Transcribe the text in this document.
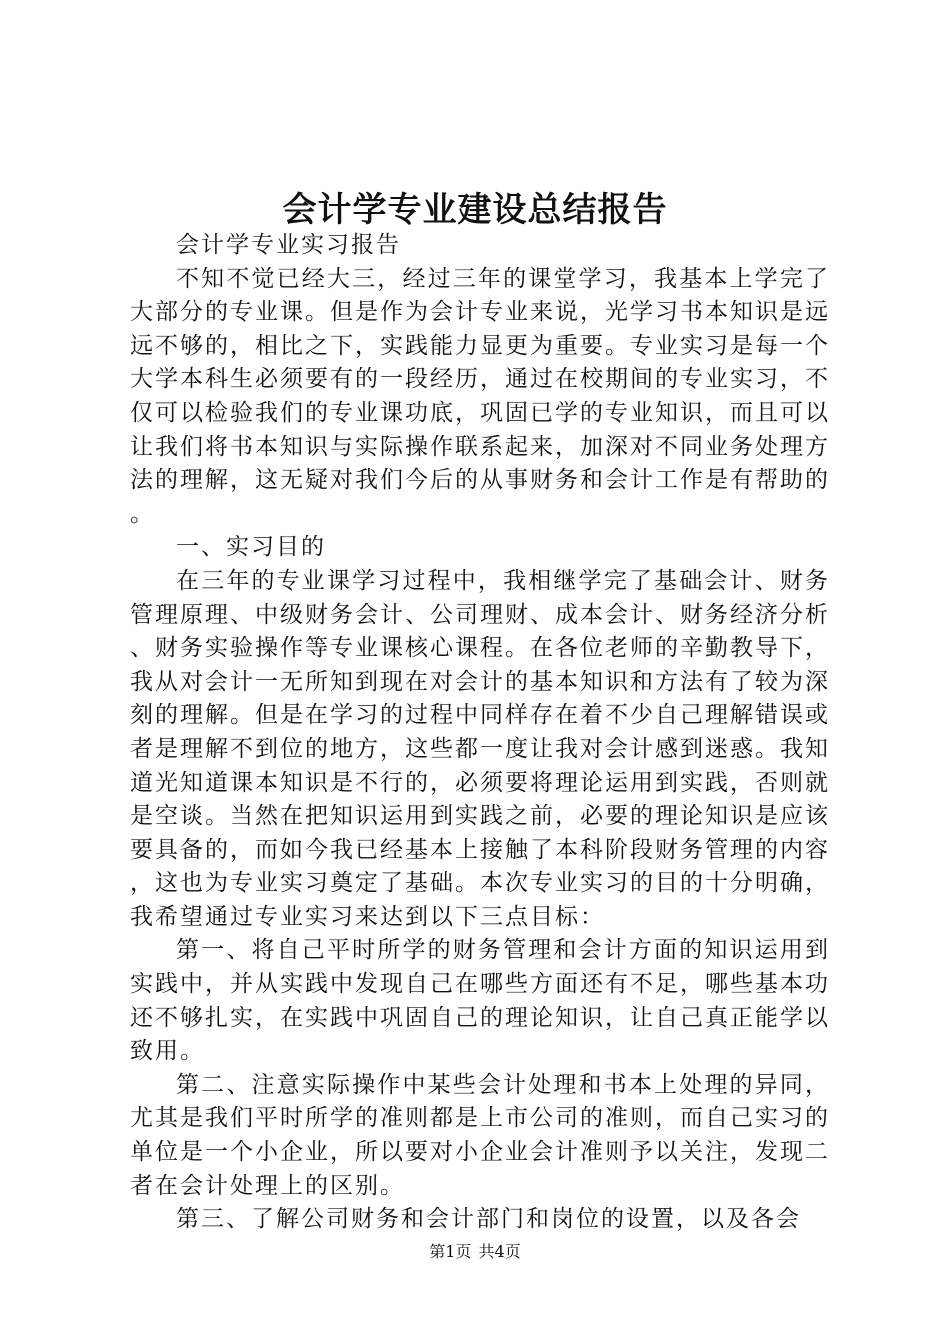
会计学专业建设总结报告

会计学专业实习报告

不知不觉已经大三，经过三年的课堂学习，我基本上学完了大部分的专业课。但是作为会计专业来说，光学习书本知识是远远不够的，相比之下，实践能力显更为重要。专业实习是每一个大学本科生必须要有的一段经历，通过在校期间的专业实习，不仅可以检验我们的专业课功底，巩固已学的专业知识，而且可以让我们将书本知识与实际操作联系起来，加深对不同业务处理方法的理解，这无疑对我们今后的从事财务和会计工作是有帮助的。

一、实习目的

在三年的专业课学习过程中，我相继学完了基础会计、财务管理原理、中级财务会计、公司理财、成本会计、财务经济分析、财务实验操作等专业课核心课程。在各位老师的辛勤教导下，我从对会计一无所知到现在对会计的基本知识和方法有了较为深刻的理解。但是在学习的过程中同样存在着不少自己理解错误或者是理解不到位的地方，这些都一度让我对会计感到迷惑。我知道光知道课本知识是不行的，必须要将理论运用到实践，否则就是空谈。当然在把知识运用到实践之前，必要的理论知识是应该要具备的，而如今我已经基本上接触了本科阶段财务管理的内容，这也为专业实习奠定了基础。本次专业实习的目的十分明确，我希望通过专业实习来达到以下三点目标：

第一、将自己平时所学的财务管理和会计方面的知识运用到实践中，并从实践中发现自己在哪些方面还有不足，哪些基本功还不够扎实，在实践中巩固自己的理论知识，让自己真正能学以致用。

第二、注意实际操作中某些会计处理和书本上处理的异同，尤其是我们平时所学的准则都是上市公司的准则，而自己实习的单位是一个小企业，所以要对小企业会计准则予以关注，发现二者在会计处理上的区别。

第三、了解公司财务和会计部门和岗位的设置，以及各会

第1页 共4页
